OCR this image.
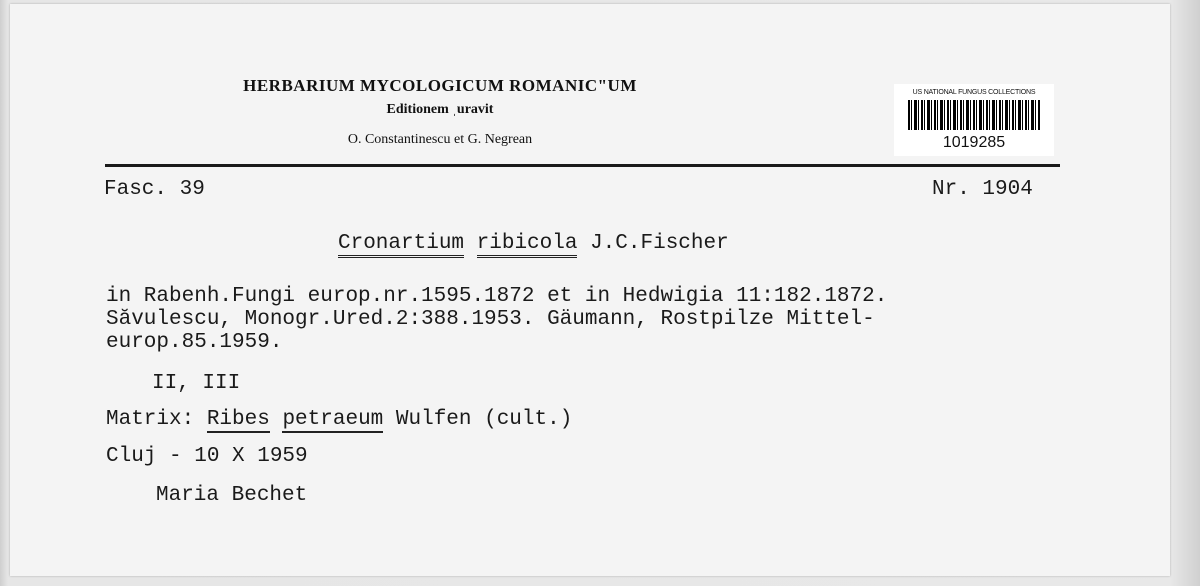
HERBARIUM MYCOLOGICUM ROMANIC"UM
Editionem ˌuravit
O. Constantinescu et G. Negrean
US NATIONAL FUNGUS COLLECTIONS
1019285
Fasc. 39	Nr. 1904
Cronartium ribicola J.C.Fischer
in Rabenh.Fungi europ.nr.1595.1872 et in Hedwigia 11:182.1872.
Săvulescu, Monogr.Ured.2:388.1953. Gäumann, Rostpilze Mittel-
europ.85.1959.
II, III
Matrix: Ribes petraeum Wulfen (cult.)
Cluj - 10 X 1959
Maria Bechet
